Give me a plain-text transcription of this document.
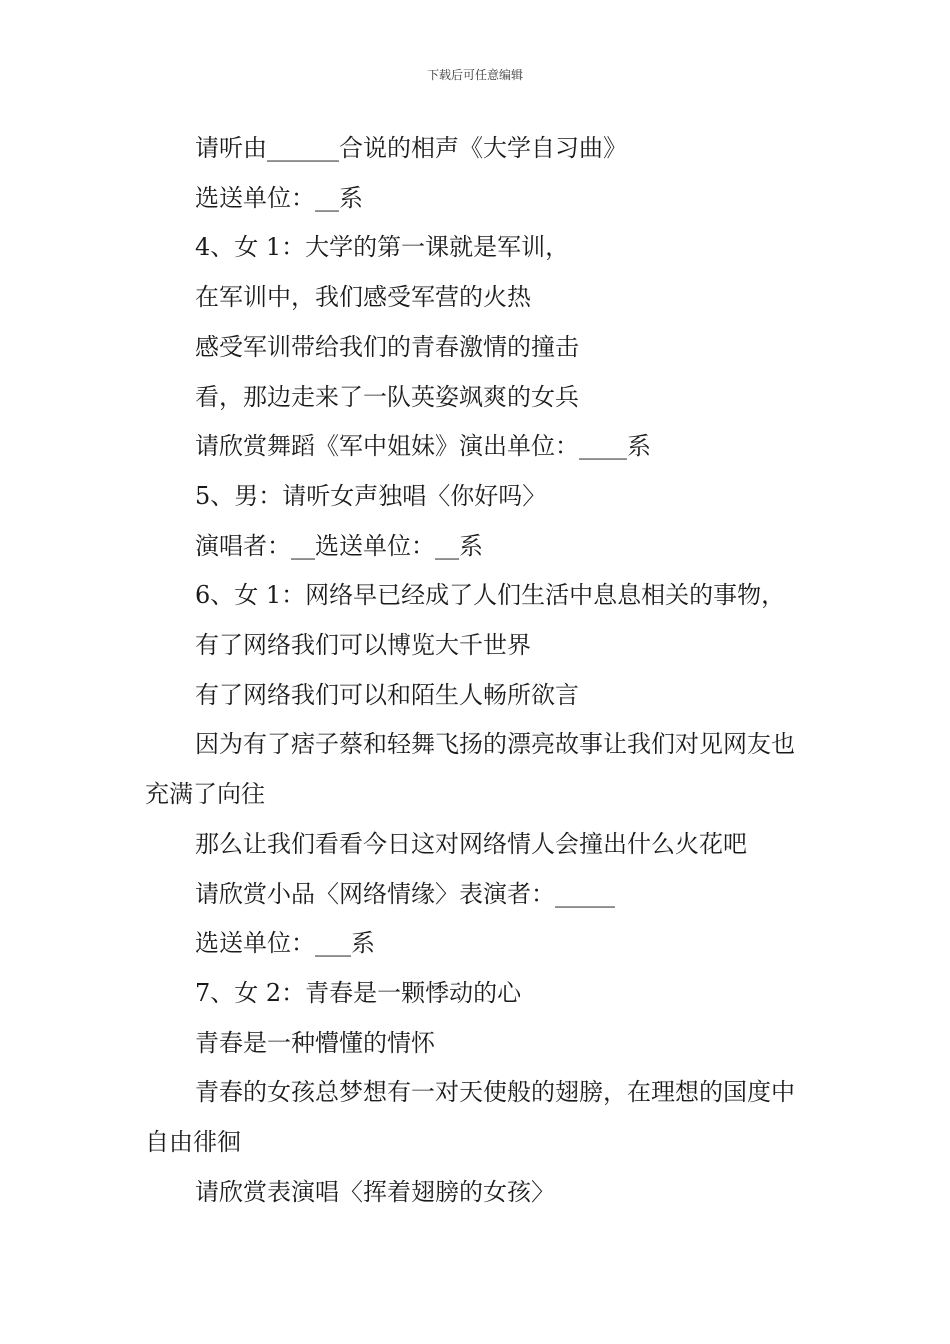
下载后可任意编辑

请听由______合说的相声《大学自习曲》

选送单位：__系

4、女 1：大学的第一课就是军训，

在军训中，我们感受军营的火热

感受军训带给我们的青春激情的撞击

看，那边走来了一队英姿飒爽的女兵

请欣赏舞蹈《军中姐妹》演出单位：____系

5、男：请听女声独唱〈你好吗〉

演唱者：__选送单位：__系

6、女 1：网络早已经成了人们生活中息息相关的事物，

有了网络我们可以博览大千世界

有了网络我们可以和陌生人畅所欲言

因为有了痞子蔡和轻舞飞扬的漂亮故事让我们对见网友也充满了向往

那么让我们看看今日这对网络情人会撞出什么火花吧

请欣赏小品〈网络情缘〉表演者：_____

选送单位：___系

7、女 2：青春是一颗悸动的心

青春是一种懵懂的情怀

青春的女孩总梦想有一对天使般的翅膀，在理想的国度中自由徘徊

请欣赏表演唱〈挥着翅膀的女孩〉
